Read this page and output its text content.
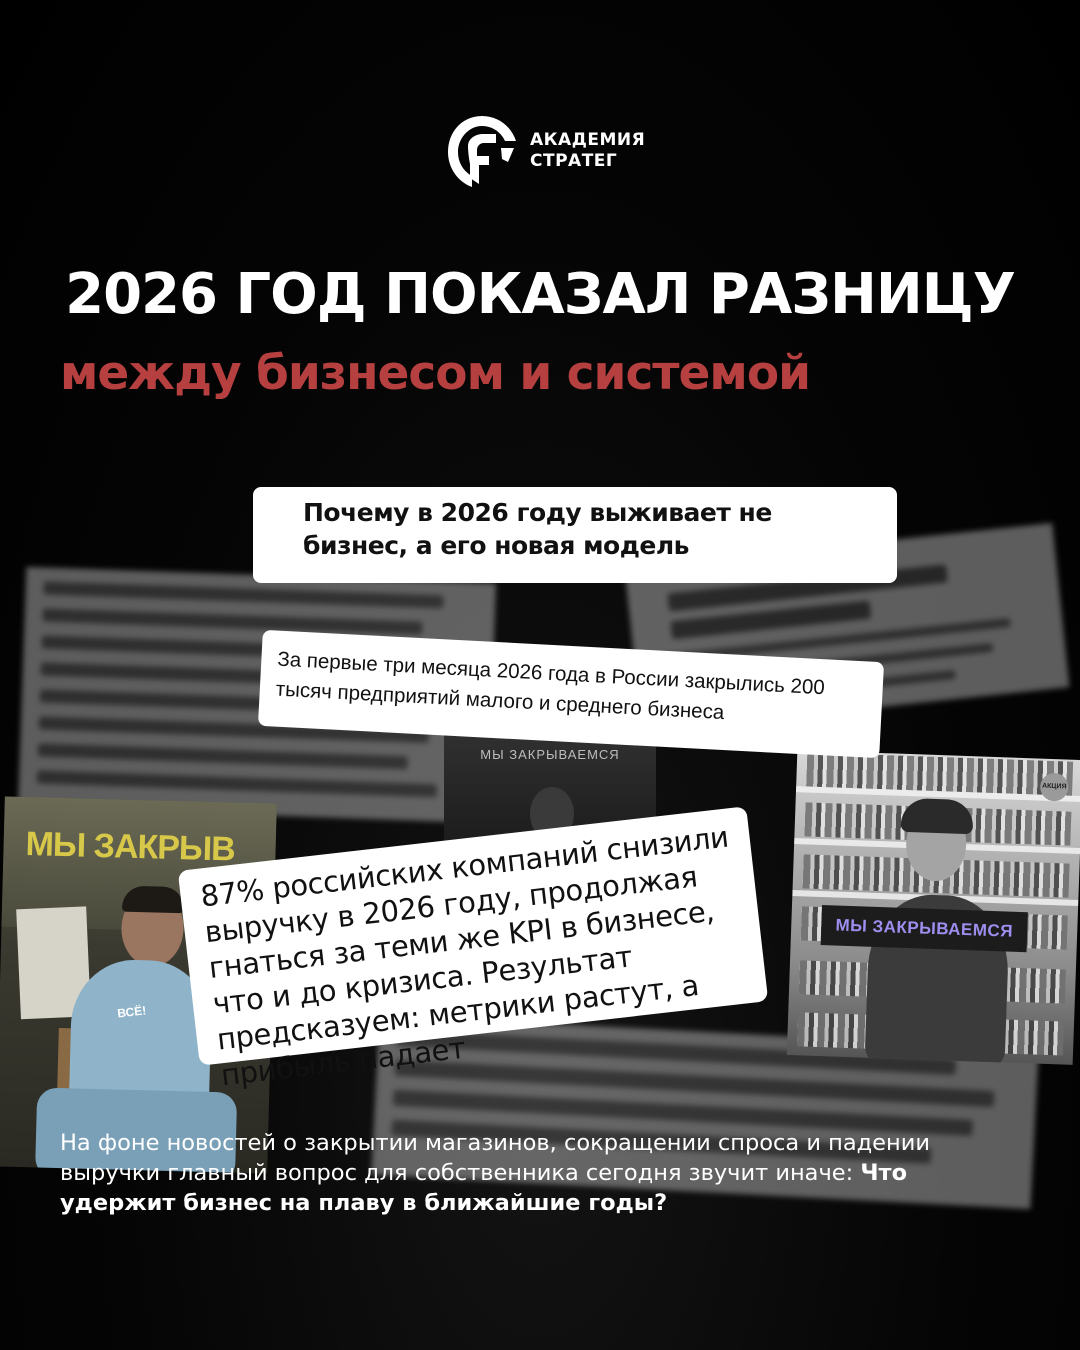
АКАДЕМИЯ
СТРАТЕГ
2026 ГОД ПОКАЗАЛ РАЗНИЦУ
между бизнесом и системой
МЫ ЗАКРЫВ
ВСЁ!
МЫ ЗАКРЫВАЕМСЯ
АКЦИЯ
МЫ ЗАКРЫВАЕМСЯ
Почему в 2026 году выживает не бизнес, а его новая модель
За первые три месяца 2026 года в России закрылись 200 тысяч предприятий малого и среднего бизнеса
87% российских компаний снизили выручку в 2026 году, продолжая гнаться за теми же KPI в бизнесе, что и до кризиса. Результат предсказуем: метрики растут, а прибыль падает
На фоне новостей о закрытии магазинов, сокращении спроса и падении выручки главный вопрос для собственника сегодня звучит иначе: Что удержит бизнес на плаву в ближайшие годы?
